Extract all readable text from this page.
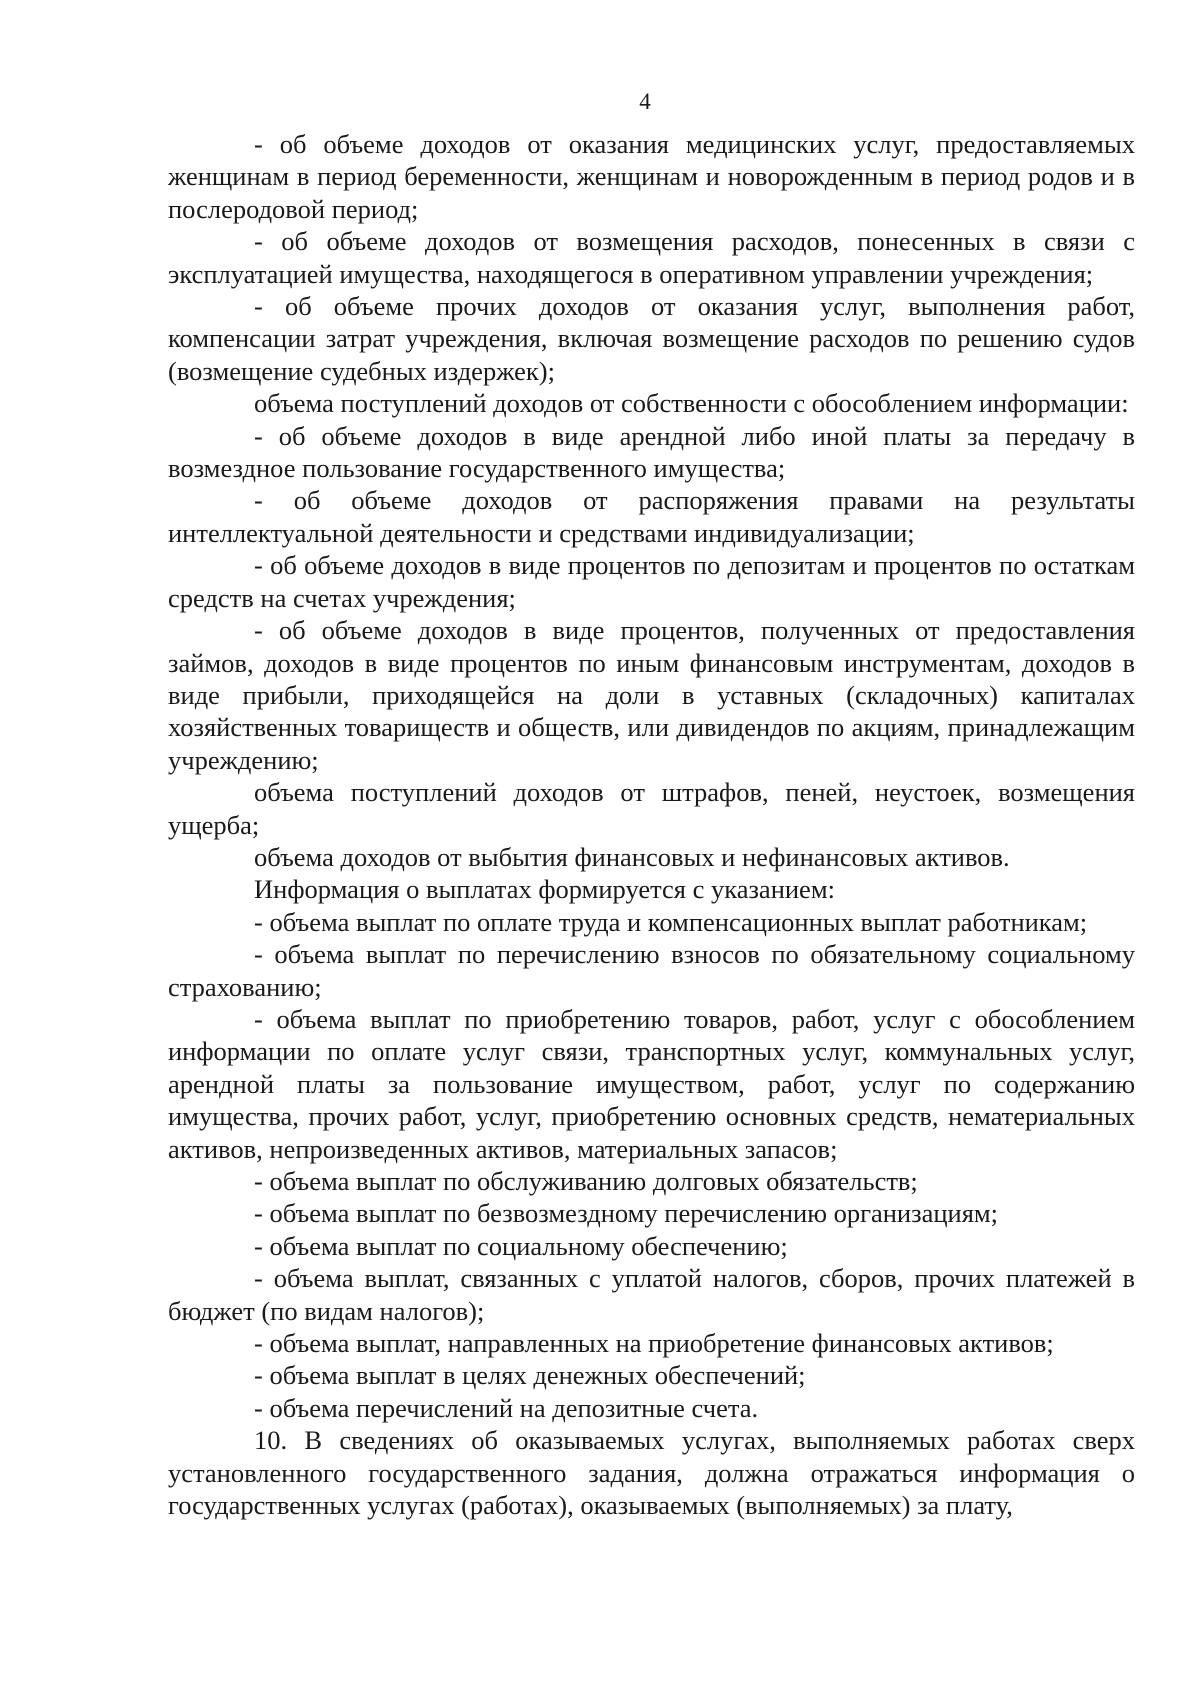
4

- об объеме доходов от оказания медицинских услуг, предоставляемых женщинам в период беременности, женщинам и новорожденным в период родов и в послеродовой период;

- об объеме доходов от возмещения расходов, понесенных в связи с эксплуатацией имущества, находящегося в оперативном управлении учреждения;

- об объеме прочих доходов от оказания услуг, выполнения работ, компенсации затрат учреждения, включая возмещение расходов по решению судов (возмещение судебных издержек);

объема поступлений доходов от собственности с обособлением информации:

- об объеме доходов в виде арендной либо иной платы за передачу в возмездное пользование государственного имущества;

- об объеме доходов от распоряжения правами на результаты интеллектуальной деятельности и средствами индивидуализации;

- об объеме доходов в виде процентов по депозитам и процентов по остаткам средств на счетах учреждения;

- об объеме доходов в виде процентов, полученных от предоставления займов, доходов в виде процентов по иным финансовым инструментам, доходов в виде прибыли, приходящейся на доли в уставных (складочных) капиталах хозяйственных товариществ и обществ, или дивидендов по акциям, принадлежащим учреждению;

объема поступлений доходов от штрафов, пеней, неустоек, возмещения ущерба;

объема доходов от выбытия финансовых и нефинансовых активов.

Информация о выплатах формируется с указанием:

- объема выплат по оплате труда и компенсационных выплат работникам;

- объема выплат по перечислению взносов по обязательному социальному страхованию;

- объема выплат по приобретению товаров, работ, услуг с обособлением информации по оплате услуг связи, транспортных услуг, коммунальных услуг, арендной платы за пользование имуществом, работ, услуг по содержанию имущества, прочих работ, услуг, приобретению основных средств, нематериальных активов, непроизведенных активов, материальных запасов;

- объема выплат по обслуживанию долговых обязательств;

- объема выплат по безвозмездному перечислению организациям;

- объема выплат по социальному обеспечению;

- объема выплат, связанных с уплатой налогов, сборов, прочих платежей в бюджет (по видам налогов);

- объема выплат, направленных на приобретение финансовых активов;

- объема выплат в целях денежных обеспечений;

- объема перечислений на депозитные счета.

10. В сведениях об оказываемых услугах, выполняемых работах сверх установленного государственного задания, должна отражаться информация о государственных услугах (работах), оказываемых (выполняемых) за плату,
